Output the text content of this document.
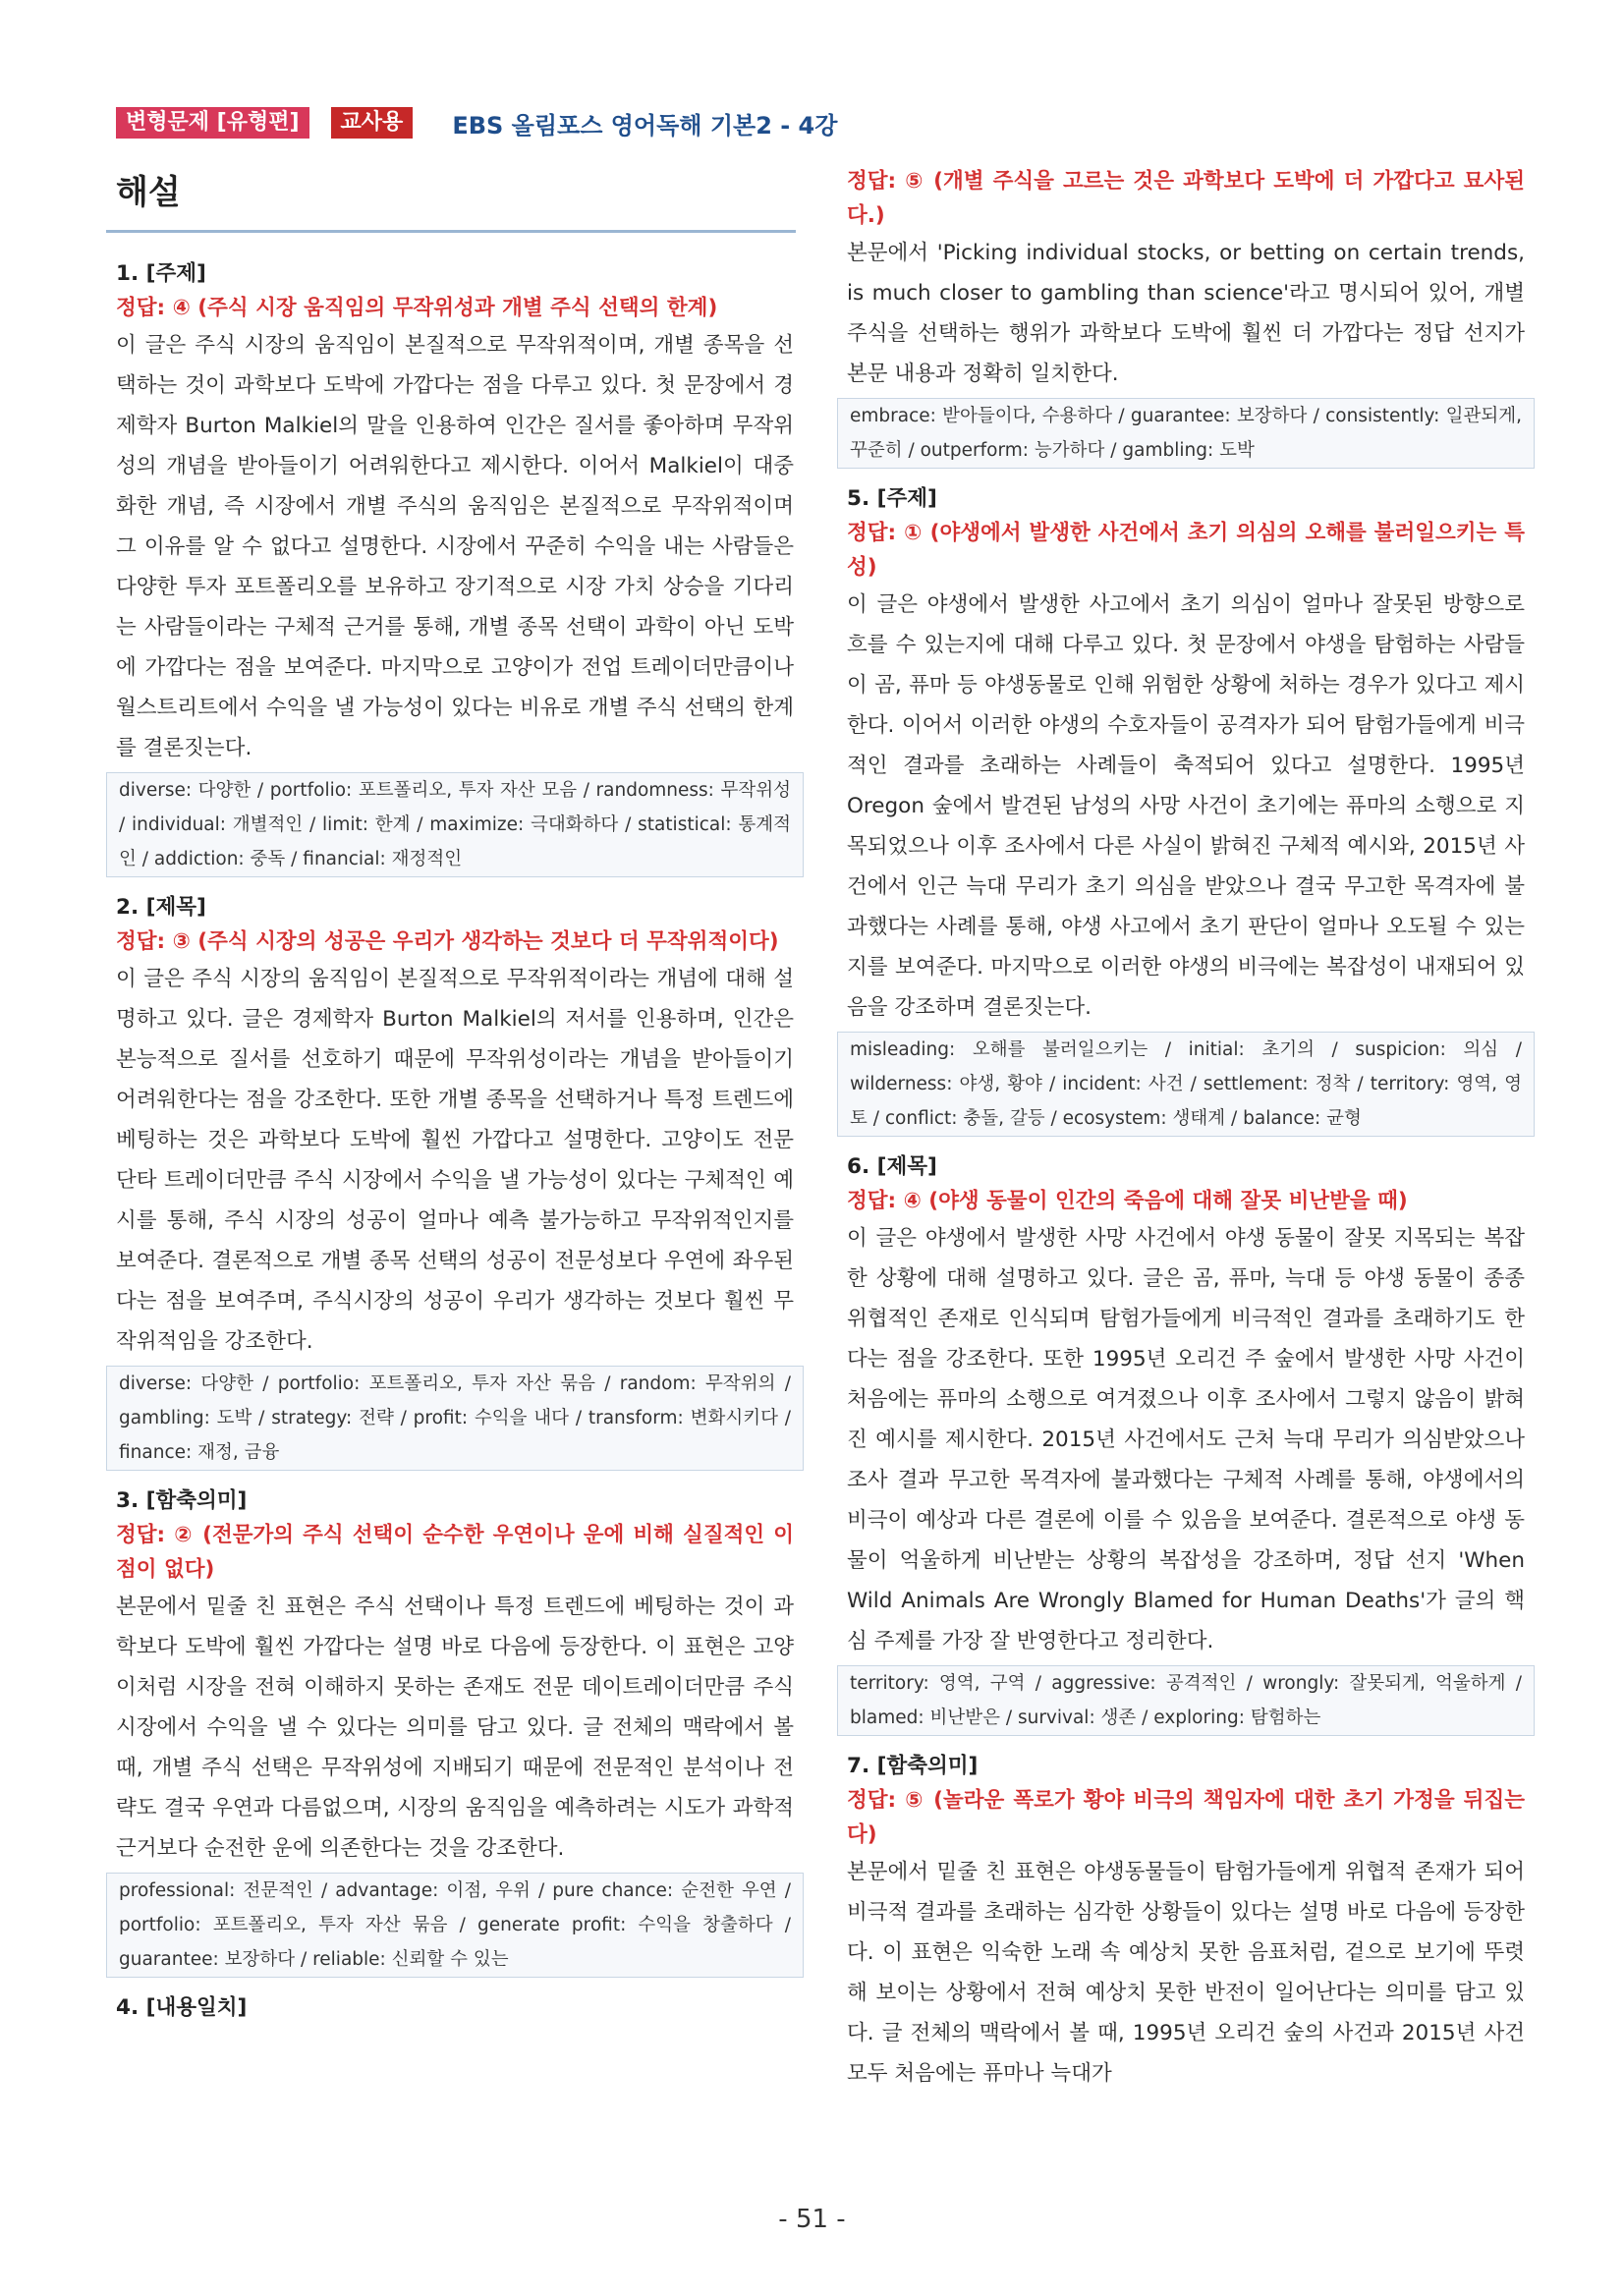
변형문제 [유형편]	교사용	EBS 올림포스 영어독해 기본2 - 4강
해설
1. [주제]
정답: ④ (주식 시장 움직임의 무작위성과 개별 주식 선택의 한계)
이 글은 주식 시장의 움직임이 본질적으로 무작위적이며, 개별 종목을 선택하는 것이 과학보다 도박에 가깝다는 점을 다루고 있다. 첫 문장에서 경제학자 Burton Malkiel의 말을 인용하여 인간은 질서를 좋아하며 무작위성의 개념을 받아들이기 어려워한다고 제시한다. 이어서 Malkiel이 대중화한 개념, 즉 시장에서 개별 주식의 움직임은 본질적으로 무작위적이며 그 이유를 알 수 없다고 설명한다. 시장에서 꾸준히 수익을 내는 사람들은 다양한 투자 포트폴리오를 보유하고 장기적으로 시장 가치 상승을 기다리는 사람들이라는 구체적 근거를 통해, 개별 종목 선택이 과학이 아닌 도박에 가깝다는 점을 보여준다. 마지막으로 고양이가 전업 트레이더만큼이나 월스트리트에서 수익을 낼 가능성이 있다는 비유로 개별 주식 선택의 한계를 결론짓는다.
diverse: 다양한 / portfolio: 포트폴리오, 투자 자산 모음 / randomness: 무작위성 / individual: 개별적인 / limit: 한계 / maximize: 극대화하다 / statistical: 통계적인 / addiction: 중독 / financial: 재정적인
2. [제목]
정답: ③ (주식 시장의 성공은 우리가 생각하는 것보다 더 무작위적이다)
이 글은 주식 시장의 움직임이 본질적으로 무작위적이라는 개념에 대해 설명하고 있다. 글은 경제학자 Burton Malkiel의 저서를 인용하며, 인간은 본능적으로 질서를 선호하기 때문에 무작위성이라는 개념을 받아들이기 어려워한다는 점을 강조한다. 또한 개별 종목을 선택하거나 특정 트렌드에 베팅하는 것은 과학보다 도박에 훨씬 가깝다고 설명한다. 고양이도 전문 단타 트레이더만큼 주식 시장에서 수익을 낼 가능성이 있다는 구체적인 예시를 통해, 주식 시장의 성공이 얼마나 예측 불가능하고 무작위적인지를 보여준다. 결론적으로 개별 종목 선택의 성공이 전문성보다 우연에 좌우된다는 점을 보여주며, 주식시장의 성공이 우리가 생각하는 것보다 훨씬 무작위적임을 강조한다.
diverse: 다양한 / portfolio: 포트폴리오, 투자 자산 묶음 / random: 무작위의 / gambling: 도박 / strategy: 전략 / profit: 수익을 내다 / transform: 변화시키다 / finance: 재정, 금융
3. [함축의미]
정답: ② (전문가의 주식 선택이 순수한 우연이나 운에 비해 실질적인 이점이 없다)
본문에서 밑줄 친 표현은 주식 선택이나 특정 트렌드에 베팅하는 것이 과학보다 도박에 훨씬 가깝다는 설명 바로 다음에 등장한다. 이 표현은 고양이처럼 시장을 전혀 이해하지 못하는 존재도 전문 데이트레이더만큼 주식 시장에서 수익을 낼 수 있다는 의미를 담고 있다. 글 전체의 맥락에서 볼 때, 개별 주식 선택은 무작위성에 지배되기 때문에 전문적인 분석이나 전략도 결국 우연과 다름없으며, 시장의 움직임을 예측하려는 시도가 과학적 근거보다 순전한 운에 의존한다는 것을 강조한다.
professional: 전문적인 / advantage: 이점, 우위 / pure chance: 순전한 우연 / portfolio: 포트폴리오, 투자 자산 묶음 / generate profit: 수익을 창출하다 / guarantee: 보장하다 / reliable: 신뢰할 수 있는
4. [내용일치]
정답: ⑤ (개별 주식을 고르는 것은 과학보다 도박에 더 가깝다고 묘사된다.)
본문에서 'Picking individual stocks, or betting on certain trends, is much closer to gambling than science'라고 명시되어 있어, 개별 주식을 선택하는 행위가 과학보다 도박에 훨씬 더 가깝다는 정답 선지가 본문 내용과 정확히 일치한다.
embrace: 받아들이다, 수용하다 / guarantee: 보장하다 / consistently: 일관되게, 꾸준히 / outperform: 능가하다 / gambling: 도박
5. [주제]
정답: ① (야생에서 발생한 사건에서 초기 의심의 오해를 불러일으키는 특성)
이 글은 야생에서 발생한 사고에서 초기 의심이 얼마나 잘못된 방향으로 흐를 수 있는지에 대해 다루고 있다. 첫 문장에서 야생을 탐험하는 사람들이 곰, 퓨마 등 야생동물로 인해 위험한 상황에 처하는 경우가 있다고 제시한다. 이어서 이러한 야생의 수호자들이 공격자가 되어 탐험가들에게 비극적인 결과를 초래하는 사례들이 축적되어 있다고 설명한다. 1995년 Oregon 숲에서 발견된 남성의 사망 사건이 초기에는 퓨마의 소행으로 지목되었으나 이후 조사에서 다른 사실이 밝혀진 구체적 예시와, 2015년 사건에서 인근 늑대 무리가 초기 의심을 받았으나 결국 무고한 목격자에 불과했다는 사례를 통해, 야생 사고에서 초기 판단이 얼마나 오도될 수 있는지를 보여준다. 마지막으로 이러한 야생의 비극에는 복잡성이 내재되어 있음을 강조하며 결론짓는다.
misleading: 오해를 불러일으키는 / initial: 초기의 / suspicion: 의심 / wilderness: 야생, 황야 / incident: 사건 / settlement: 정착 / territory: 영역, 영토 / conflict: 충돌, 갈등 / ecosystem: 생태계 / balance: 균형
6. [제목]
정답: ④ (야생 동물이 인간의 죽음에 대해 잘못 비난받을 때)
이 글은 야생에서 발생한 사망 사건에서 야생 동물이 잘못 지목되는 복잡한 상황에 대해 설명하고 있다. 글은 곰, 퓨마, 늑대 등 야생 동물이 종종 위협적인 존재로 인식되며 탐험가들에게 비극적인 결과를 초래하기도 한다는 점을 강조한다. 또한 1995년 오리건 주 숲에서 발생한 사망 사건이 처음에는 퓨마의 소행으로 여겨졌으나 이후 조사에서 그렇지 않음이 밝혀진 예시를 제시한다. 2015년 사건에서도 근처 늑대 무리가 의심받았으나 조사 결과 무고한 목격자에 불과했다는 구체적 사례를 통해, 야생에서의 비극이 예상과 다른 결론에 이를 수 있음을 보여준다. 결론적으로 야생 동물이 억울하게 비난받는 상황의 복잡성을 강조하며, 정답 선지 'When Wild Animals Are Wrongly Blamed for Human Deaths'가 글의 핵심 주제를 가장 잘 반영한다고 정리한다.
territory: 영역, 구역 / aggressive: 공격적인 / wrongly: 잘못되게, 억울하게 / blamed: 비난받은 / survival: 생존 / exploring: 탐험하는
7. [함축의미]
정답: ⑤ (놀라운 폭로가 황야 비극의 책임자에 대한 초기 가정을 뒤집는다)
본문에서 밑줄 친 표현은 야생동물들이 탐험가들에게 위협적 존재가 되어 비극적 결과를 초래하는 심각한 상황들이 있다는 설명 바로 다음에 등장한다. 이 표현은 익숙한 노래 속 예상치 못한 음표처럼, 겉으로 보기에 뚜렷해 보이는 상황에서 전혀 예상치 못한 반전이 일어난다는 의미를 담고 있다. 글 전체의 맥락에서 볼 때, 1995년 오리건 숲의 사건과 2015년 사건 모두 처음에는 퓨마나 늑대가
- 51 -
